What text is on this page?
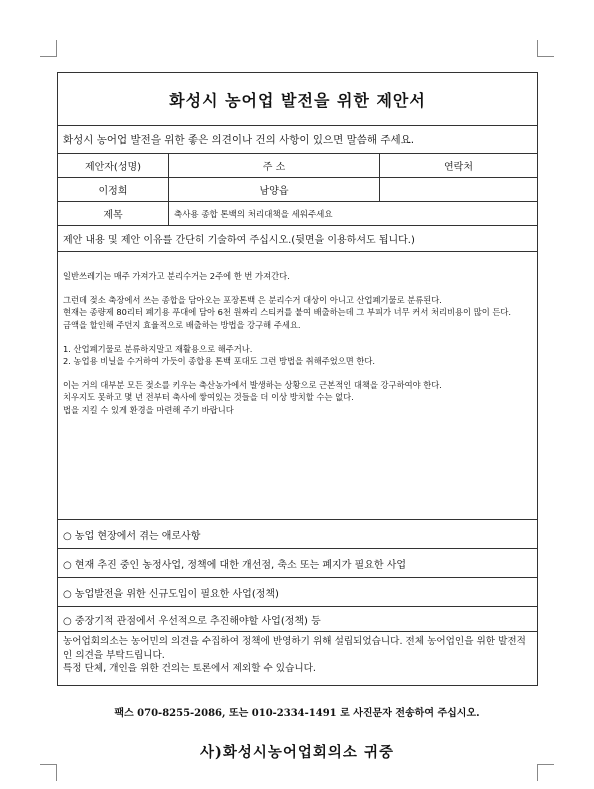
화성시 농어업 발전을 위한 제안서
화성시 농어업 발전을 위한 좋은 의견이나 건의 사항이 있으면 말씀해 주세요.
제안자(성명)	주 소	연락처
이정희	남양읍
제목	축사용 종합 톤백의 처리대책을 세워주세요
제안 내용 및 제안 이유를 간단히 기술하여 주십시오.(뒷면을 이용하셔도 됩니다.)

일반쓰레기는 매주 가져가고 분리수거는 2주에 한 번 가져간다.

그런데 젖소 축장에서 쓰는 종합을 담아오는 포장톤백 은 분리수거 대상이 아니고 산업폐기물로 분류된다.

현재는 종량제 80리터 폐기용 푸대에 담아 6천 원짜리 스티커를 붙여 배출하는데 그 부피가 너무 커서 처리비용이 많이 든다.

금액을 할인해 주던지 효율적으로 배출하는 방법을 강구해 주세요.

1. 산업폐기물로 분류하지말고 재활용으로 해주거나.

2. 농업용 비닐을 수거하여 가듯이 종합용 톤백 포대도 그런 방법을 취해주었으면 한다.

이는 거의 대부분 모든 젖소를 키우는 축산농가에서 발생하는 상황으로 근본적인 대책을 강구하여야 한다.

치우지도 못하고 몇 년 전부터 축사에 쌓여있는 것들을 더 이상 방치할 수는 없다.

법을 지킬 수 있게 환경을 마련해 주기 바랍니다

○ 농업 현장에서 겪는 애로사항
○ 현재 추진 중인 농정사업, 정책에 대한 개선점, 축소 또는 폐지가 필요한 사업
○ 농업발전을 위한 신규도입이 필요한 사업(정책)
○ 중장기적 관점에서 우선적으로 추진해야할 사업(정책) 등

농어업회의소는 농어민의 의견을 수집하여 정책에 반영하기 위해 설립되었습니다. 전체 농어업인을 위한 발전적인 의견을 부탁드립니다.

특정 단체, 개인을 위한 건의는 토론에서 제외할 수 있습니다.

팩스 070-8255-2086, 또는 010-2334-1491 로 사진문자 전송하여 주십시오.
사)화성시농어업회의소 귀중
